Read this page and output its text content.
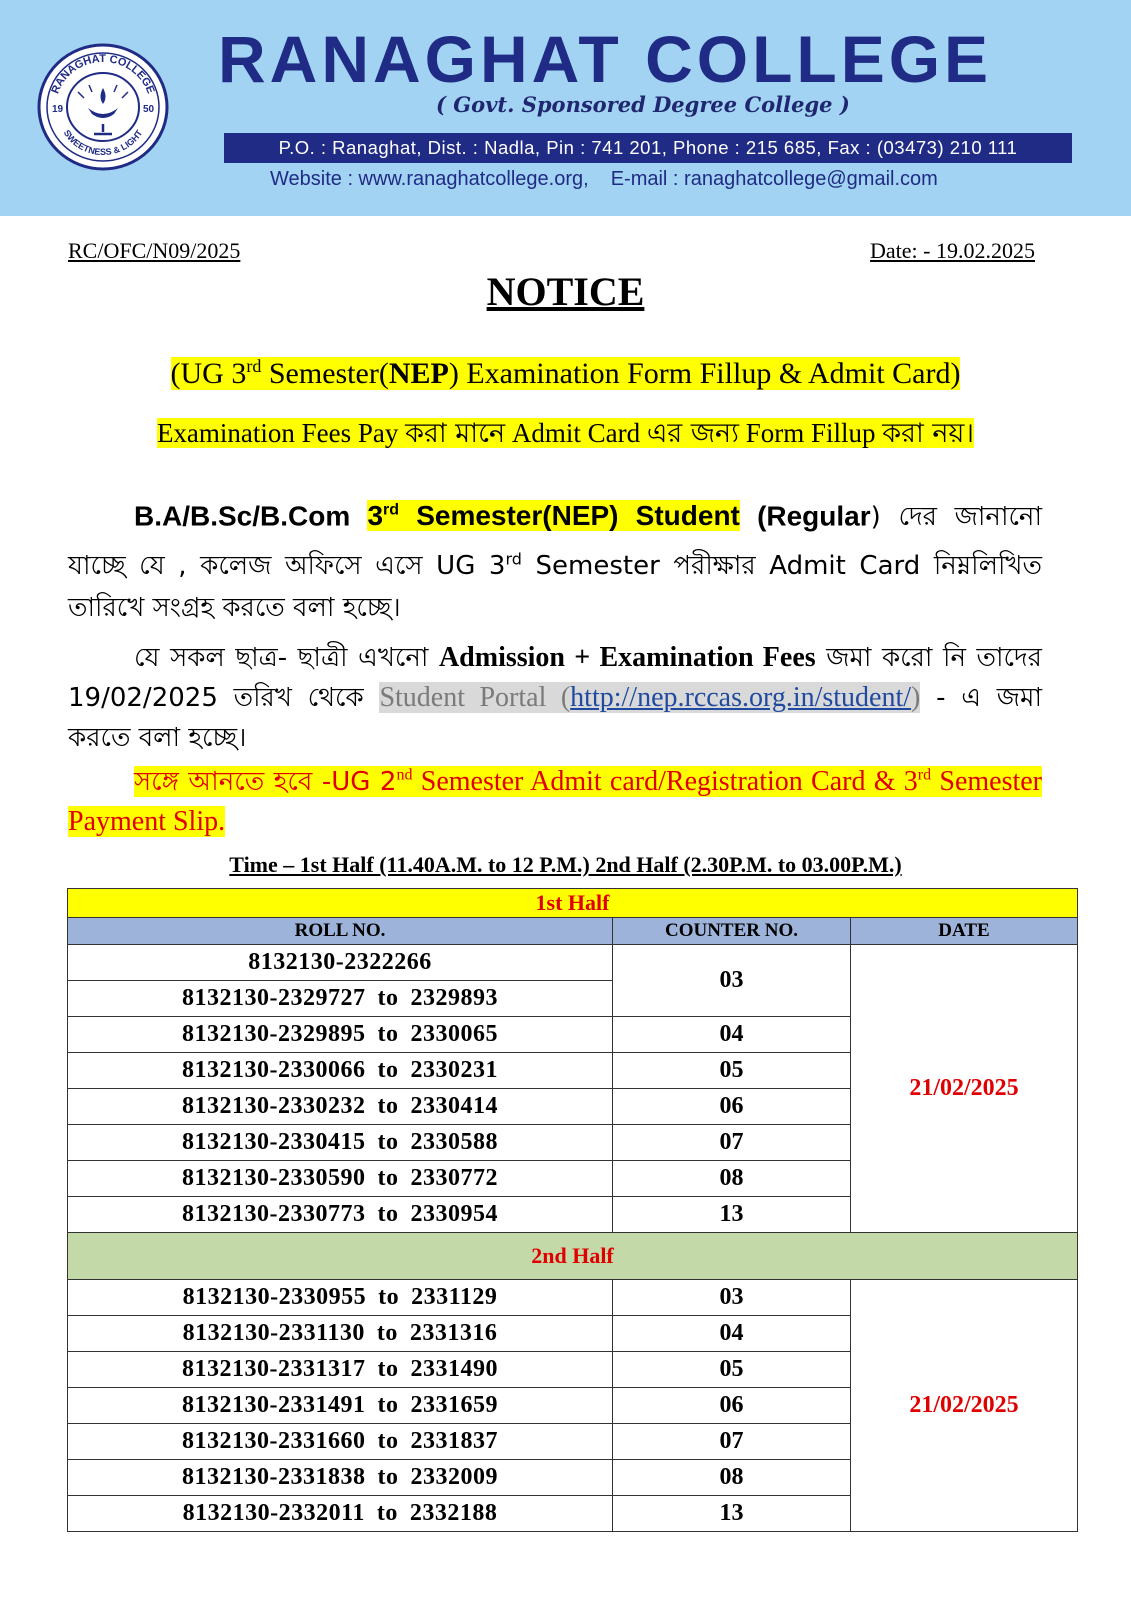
RANAGHAT COLLEGE
SWEETNESS & LIGHT
19	50
RANAGHAT COLLEGE
( Govt. Sponsored Degree College )
P.O. : Ranaghat, Dist. : Nadla, Pin : 741 201, Phone : 215 685, Fax : (03473) 210 111
Website : www.ranaghatcollege.org, E-mail : ranaghatcollege@gmail.com
RC/OFC/N09/2025	Date: - 19.02.2025
NOTICE
(UG 3rd Semester(NEP) Examination Form Fillup & Admit Card)
Examination Fees Pay করা মানে Admit Card এর জন্য Form Fillup করা নয়।
B.A/B.Sc/B.Com 3rd Semester(NEP) Student (Regular) দের জানানো যাচ্ছে যে , কলেজ অফিসে এসে UG 3rd Semester পরীক্ষার Admit Card নিম্নলিখিত তারিখে সংগ্রহ করতে বলা হচ্ছে।
যে সকল ছাত্র- ছাত্রী এখনো Admission + Examination Fees জমা করো নি তাদের 19/02/2025 তরিখ থেকে Student Portal (http://nep.rccas.org.in/student/) - এ জমা করতে বলা হচ্ছে।
সঙ্গে আনতে হবে -UG 2nd Semester Admit card/Registration Card & 3rd Semester Payment Slip.
Time – 1st Half (11.40A.M. to 12 P.M.) 2nd Half (2.30P.M. to 03.00P.M.)
1st Half		
ROLL NO.	COUNTER NO.	DATE
8132130-2322266	03	21/02/2025
8132130-2329727 to 2329893		
8132130-2329895 to 2330065	04	
8132130-2330066 to 2330231	05	
8132130-2330232 to 2330414	06	
8132130-2330415 to 2330588	07	
8132130-2330590 to 2330772	08	
8132130-2330773 to 2330954	13	
2nd Half		
8132130-2330955 to 2331129	03	21/02/2025
8132130-2331130 to 2331316	04	
8132130-2331317 to 2331490	05	
8132130-2331491 to 2331659	06	
8132130-2331660 to 2331837	07	
8132130-2331838 to 2332009	08	
8132130-2332011 to 2332188	13	
